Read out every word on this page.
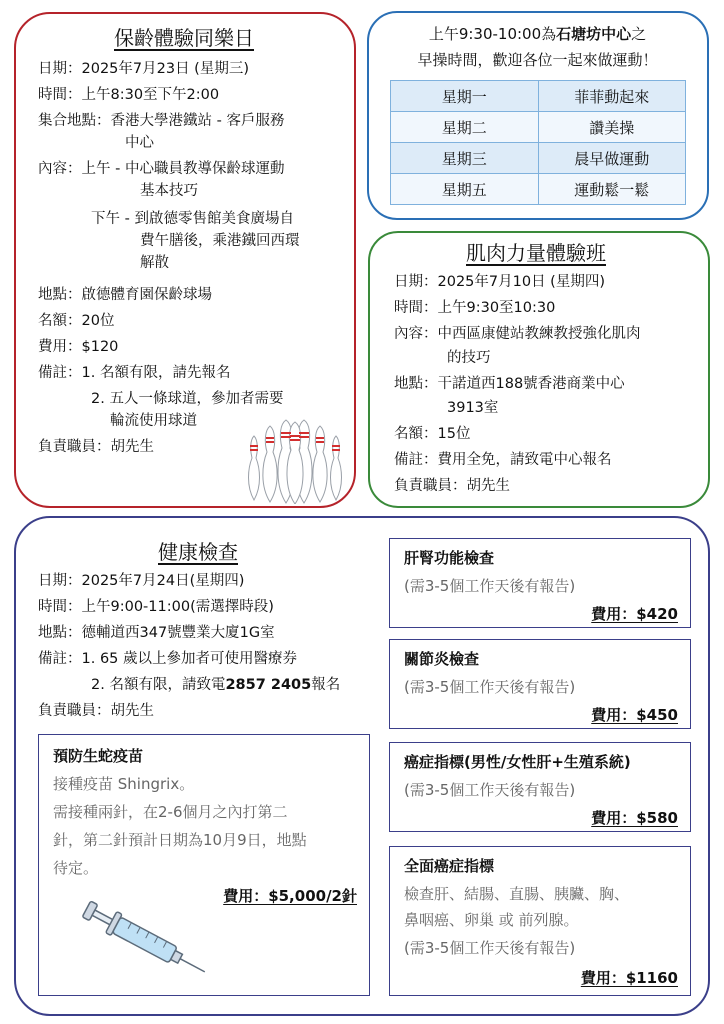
保齡體驗同樂日
日期：2025年7月23日 (星期三)
時間：上午8:30至下午2:00
集合地點：香港大學港鐵站 - 客戶服務
中心
內容：上午 - 中心職員教導保齡球運動
基本技巧
下午 - 到啟德零售館美食廣場自
費午膳後，乘港鐵回西環
解散
地點：啟德體育園保齡球場
名額：20位
費用：$120
備註：1. 名額有限，請先報名
2. 五人一條球道，參加者需要
輪流使用球道
負責職員：胡先生
上午9:30-10:00為石塘坊中心之
早操時間，歡迎各位一起來做運動！
星期一	菲菲動起來
星期二	讚美操
星期三	晨早做運動
星期五	運動鬆一鬆
肌肉力量體驗班
日期：2025年7月10日 (星期四)
時間：上午9:30至10:30
內容：中西區康健站教練教授強化肌肉
的技巧
地點：干諾道西188號香港商業中心
3913室
名額：15位
備註：費用全免，請致電中心報名
負責職員：胡先生
健康檢查
日期：2025年7月24日(星期四)
時間：上午9:00-11:00(需選擇時段)
地點：德輔道西347號豐業大廈1G室
備註：1. 65 歲以上參加者可使用醫療券
2. 名額有限，請致電2857 2405報名
負責職員：胡先生
預防生蛇疫苗
接種疫苗 Shingrix。
需接種兩針，在2-6個月之內打第二
針，第二針預計日期為10月9日，地點
待定。
費用：$5,000/2針
肝腎功能檢查
(需3-5個工作天後有報告)
費用：$420
關節炎檢查
(需3-5個工作天後有報告)
費用：$450
癌症指標(男性/女性肝+生殖系統)
(需3-5個工作天後有報告)
費用：$580
全面癌症指標
檢查肝、結腸、直腸、胰臟、胸、
鼻咽癌、卵巢 或 前列腺。
(需3-5個工作天後有報告)
費用：$1160
